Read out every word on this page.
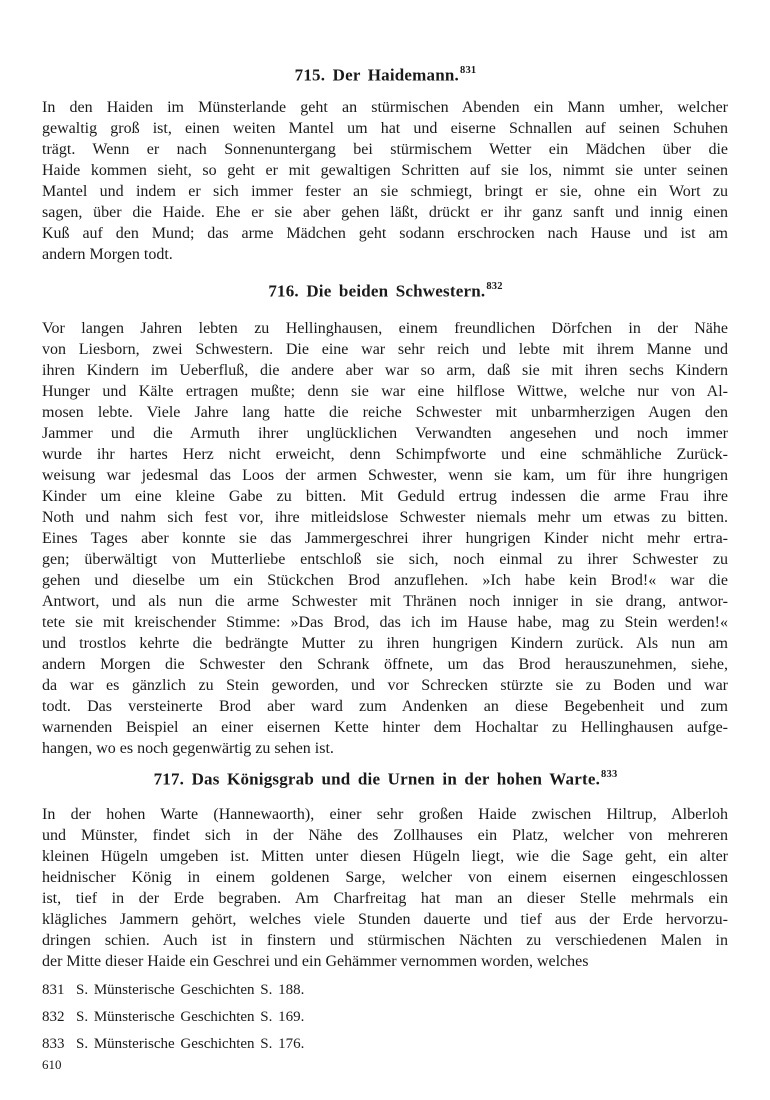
715. Der Haidemann.$^{831}$
In den Haiden im Münsterlande geht an stürmischen Abenden ein Mann umher, welcher
gewaltig groß ist, einen weiten Mantel um hat und eiserne Schnallen auf seinen Schuhen
trägt. Wenn er nach Sonnenuntergang bei stürmischem Wetter ein Mädchen über die
Haide kommen sieht, so geht er mit gewaltigen Schritten auf sie los, nimmt sie unter seinen
Mantel und indem er sich immer fester an sie schmiegt, bringt er sie, ohne ein Wort zu
sagen, über die Haide. Ehe er sie aber gehen läßt, drückt er ihr ganz sanft und innig einen
Kuß auf den Mund; das arme Mädchen geht sodann erschrocken nach Hause und ist am
andern Morgen todt.
716. Die beiden Schwestern.$^{832}$
Vor langen Jahren lebten zu Hellinghausen, einem freundlichen Dörfchen in der Nähe
von Liesborn, zwei Schwestern. Die eine war sehr reich und lebte mit ihrem Manne und
ihren Kindern im Ueberfluß, die andere aber war so arm, daß sie mit ihren sechs Kindern
Hunger und Kälte ertragen mußte; denn sie war eine hilflose Wittwe, welche nur von Al-
mosen lebte. Viele Jahre lang hatte die reiche Schwester mit unbarmherzigen Augen den
Jammer und die Armuth ihrer unglücklichen Verwandten angesehen und noch immer
wurde ihr hartes Herz nicht erweicht, denn Schimpfworte und eine schmähliche Zurück-
weisung war jedesmal das Loos der armen Schwester, wenn sie kam, um für ihre hungrigen
Kinder um eine kleine Gabe zu bitten. Mit Geduld ertrug indessen die arme Frau ihre
Noth und nahm sich fest vor, ihre mitleidslose Schwester niemals mehr um etwas zu bitten.
Eines Tages aber konnte sie das Jammergeschrei ihrer hungrigen Kinder nicht mehr ertra-
gen; überwältigt von Mutterliebe entschloß sie sich, noch einmal zu ihrer Schwester zu
gehen und dieselbe um ein Stückchen Brod anzuflehen. »Ich habe kein Brod!« war die
Antwort, und als nun die arme Schwester mit Thränen noch inniger in sie drang, antwor-
tete sie mit kreischender Stimme: »Das Brod, das ich im Hause habe, mag zu Stein werden!«
und trostlos kehrte die bedrängte Mutter zu ihren hungrigen Kindern zurück. Als nun am
andern Morgen die Schwester den Schrank öffnete, um das Brod herauszunehmen, siehe,
da war es gänzlich zu Stein geworden, und vor Schrecken stürzte sie zu Boden und war
todt. Das versteinerte Brod aber ward zum Andenken an diese Begebenheit und zum
warnenden Beispiel an einer eisernen Kette hinter dem Hochaltar zu Hellinghausen aufge-
hangen, wo es noch gegenwärtig zu sehen ist.
717. Das Königsgrab und die Urnen in der hohen Warte.$^{833}$
In der hohen Warte (Hannewaorth), einer sehr großen Haide zwischen Hiltrup, Alberloh
und Münster, findet sich in der Nähe des Zollhauses ein Platz, welcher von mehreren
kleinen Hügeln umgeben ist. Mitten unter diesen Hügeln liegt, wie die Sage geht, ein alter
heidnischer König in einem goldenen Sarge, welcher von einem eisernen eingeschlossen
ist, tief in der Erde begraben. Am Charfreitag hat man an dieser Stelle mehrmals ein
klägliches Jammern gehört, welches viele Stunden dauerte und tief aus der Erde hervorzu-
dringen schien. Auch ist in finstern und stürmischen Nächten zu verschiedenen Malen in
der Mitte dieser Haide ein Geschrei und ein Gehämmer vernommen worden, welches
831 S. Münsterische Geschichten S. 188.
832 S. Münsterische Geschichten S. 169.
833 S. Münsterische Geschichten S. 176.
610
